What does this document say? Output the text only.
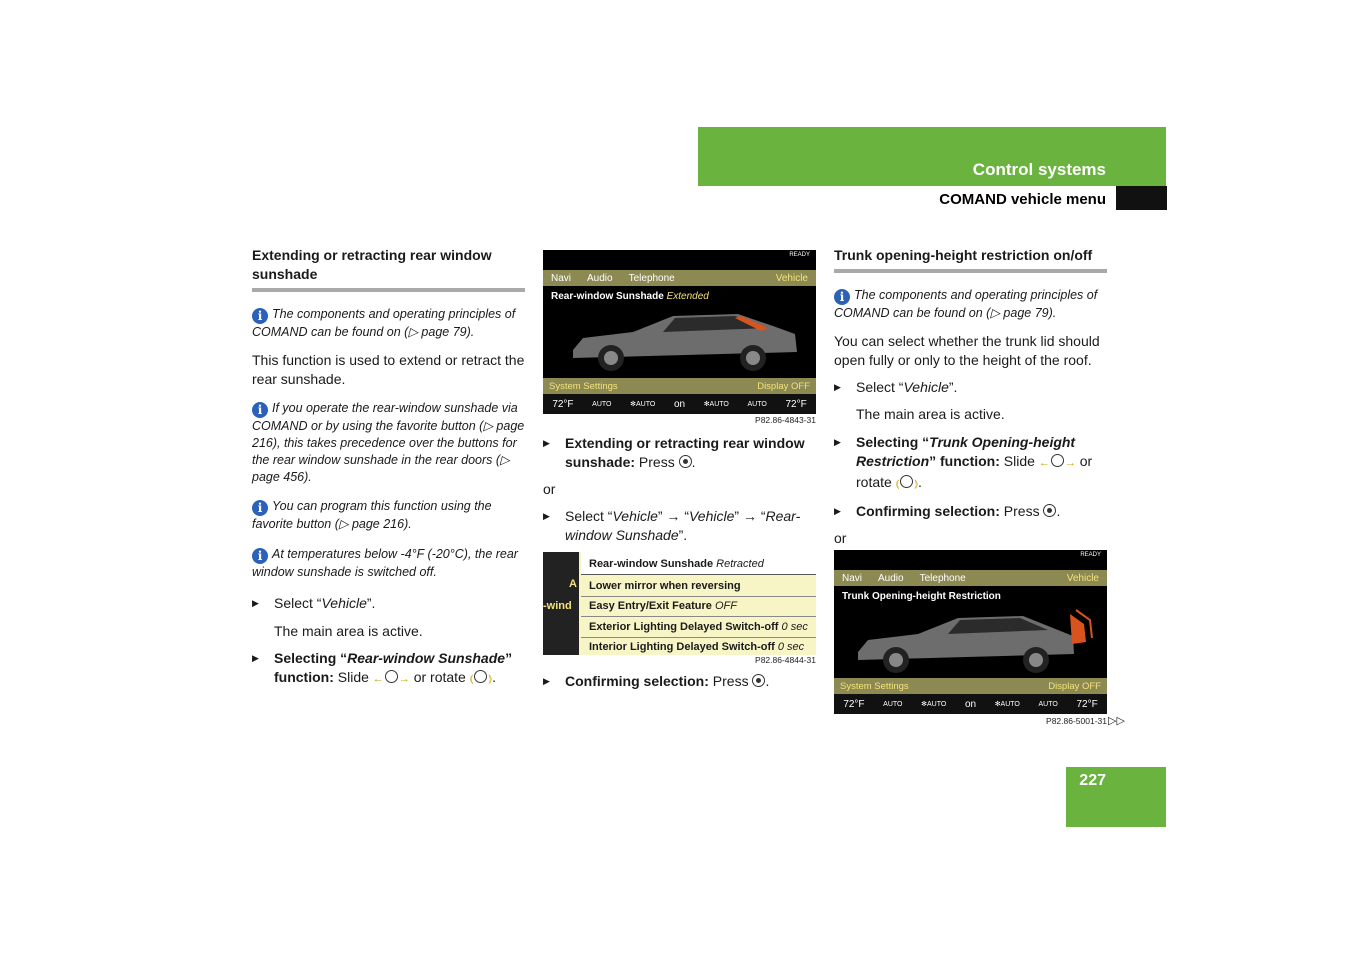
Control systems
COMAND vehicle menu
Extending or retracting rear window sunshade
i The components and operating principles of COMAND can be found on (▷ page 79).
This function is used to extend or retract the rear sunshade.
i If you operate the rear-window sunshade via COMAND or by using the favorite button (▷ page 216), this takes precedence over the buttons for the rear window sunshade in the rear doors (▷ page 456).
i You can program this function using the favorite button (▷ page 216).
i At temperatures below -4°F (-20°C), the rear window sunshade is switched off.
▶ Select “Vehicle”.
The main area is active.
▶ Selecting “Rear-window Sunshade” function: Slide ← → or rotate ⦅ ⦆.
READY
Navi	Audio	Telephone	Vehicle
Rear-window Sunshade Extended
System Settings	Display OFF
72°F	AUTO	✻AUTO on	✻AUTO	AUTO 72°F
P82.86-4843-31
▶ Extending or retracting rear window sunshade: Press .
or
▶ Select “Vehicle” → “Vehicle” → “Rear-window Sunshade”.
A
-wind
Rear-window Sunshade Retracted
Lower mirror when reversing
Easy Entry/Exit Feature OFF
Exterior Lighting Delayed Switch-off 0 sec
Interior Lighting Delayed Switch-off 0 sec
P82.86-4844-31
▶ Confirming selection: Press .
Trunk opening-height restriction on/off
i The components and operating principles of COMAND can be found on (▷ page 79).
You can select whether the trunk lid should open fully or only to the height of the roof.
▶ Select “Vehicle”.
The main area is active.
▶ Selecting “Trunk Opening-height Restriction” function: Slide ← → or rotate ⦅ ⦆.
▶ Confirming selection: Press .
or
READY
Navi	Audio	Telephone	Vehicle
Trunk Opening-height Restriction
System Settings	Display OFF
72°F	AUTO	✻AUTO on	✻AUTO	AUTO 72°F
P82.86-5001-31 ▷▷
227
